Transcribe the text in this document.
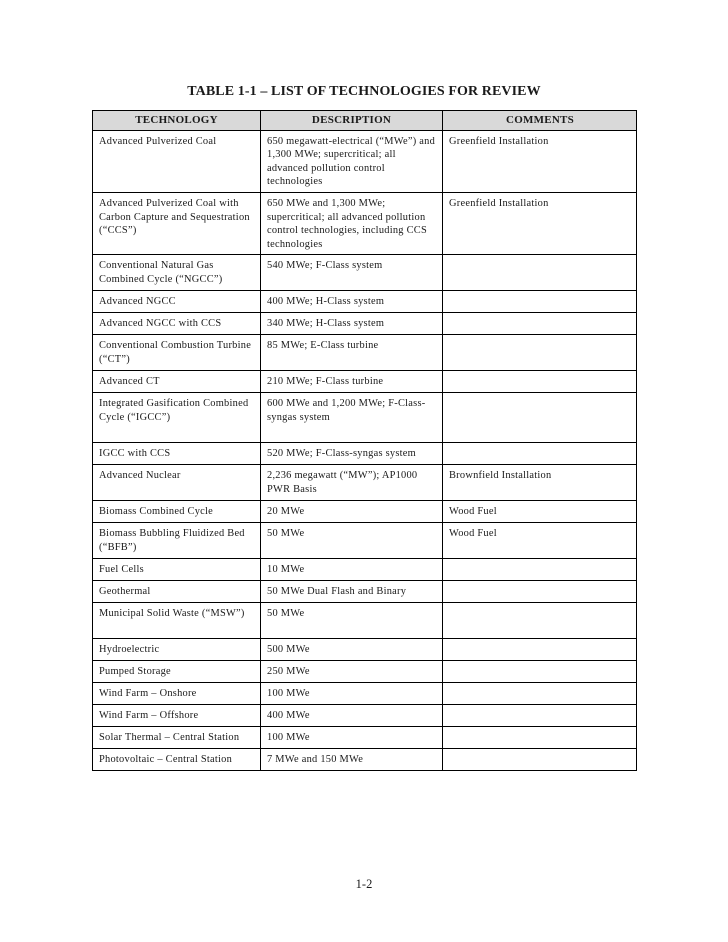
TABLE 1-1 – LIST OF TECHNOLOGIES FOR REVIEW
TECHNOLOGY	DESCRIPTION	COMMENTS
Advanced Pulverized Coal	650 megawatt-electrical (“MWe”) and 1,300 MWe; supercritical; all advanced pollution control technologies	Greenfield Installation
Advanced Pulverized Coal with Carbon Capture and Sequestration (“CCS”)	650 MWe and 1,300 MWe; supercritical; all advanced pollution control technologies, including CCS technologies	Greenfield Installation
Conventional Natural Gas Combined Cycle (“NGCC”)	540 MWe; F-Class system	
Advanced NGCC	400 MWe; H-Class system	
Advanced NGCC with CCS	340 MWe; H-Class system	
Conventional Combustion Turbine (“CT”)	85 MWe; E-Class turbine	
Advanced CT	210 MWe; F-Class turbine	
Integrated Gasification Combined Cycle (“IGCC”)	600 MWe and 1,200 MWe; F-Class-syngas system	
IGCC with CCS	520 MWe; F-Class-syngas system	
Advanced Nuclear	2,236 megawatt (“MW”); AP1000 PWR Basis	Brownfield Installation
Biomass Combined Cycle	20 MWe	Wood Fuel
Biomass Bubbling Fluidized Bed (“BFB”)	50 MWe	Wood Fuel
Fuel Cells	10 MWe	
Geothermal	50 MWe Dual Flash and Binary	
Municipal Solid Waste (“MSW”)	50 MWe	
Hydroelectric	500 MWe	
Pumped Storage	250 MWe	
Wind Farm – Onshore	100 MWe	
Wind Farm – Offshore	400 MWe	
Solar Thermal – Central Station	100 MWe	
Photovoltaic – Central Station	7 MWe and 150 MWe	
1-2
